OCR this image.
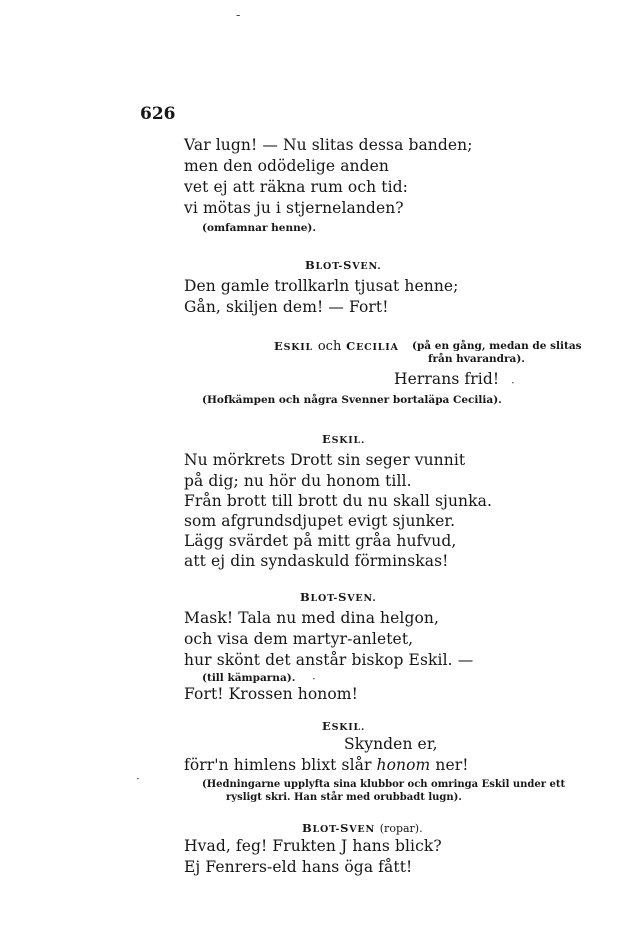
-
626
Var lugn! — Nu slitas dessa banden;
men den odödelige anden
vet ej att räkna rum och tid:
vi mötas ju i stjernelanden?
(omfamnar henne).
BLOT-SVEN.
Den gamle trollkarln tjusat henne;
Gån, skiljen dem! — Fort!
ESKIL och CECILIA (på en gång, medan de slitas
från hvarandra).
Herrans frid! ·
(Hofkämpen och några Svenner bortaläpa Cecilia).
ESKIL.
Nu mörkrets Drott sin seger vunnit
på dig; nu hör du honom till.
Från brott till brott du nu skall sjunka.
som afgrundsdjupet evigt sjunker.
Lägg svärdet på mitt gråa hufvud,
att ej din syndaskuld förminskas!
BLOT-SVEN.
Mask! Tala nu med dina helgon,
och visa dem martyr-anletet,
hur skönt det anstår biskop Eskil. —
(till kämparna). ·
Fort! Krossen honom!
ESKIL.
Skynden er,
förr'n himlens blixt slår honom ner!
(Hedningarne upplyfta sina klubbor och omringa Eskil under ett
rysligt skri. Han står med orubbadt lugn).
·
BLOT-SVEN (ropar).
Hvad, feg! Frukten J hans blick?
Ej Fenrers-eld hans öga fått!
